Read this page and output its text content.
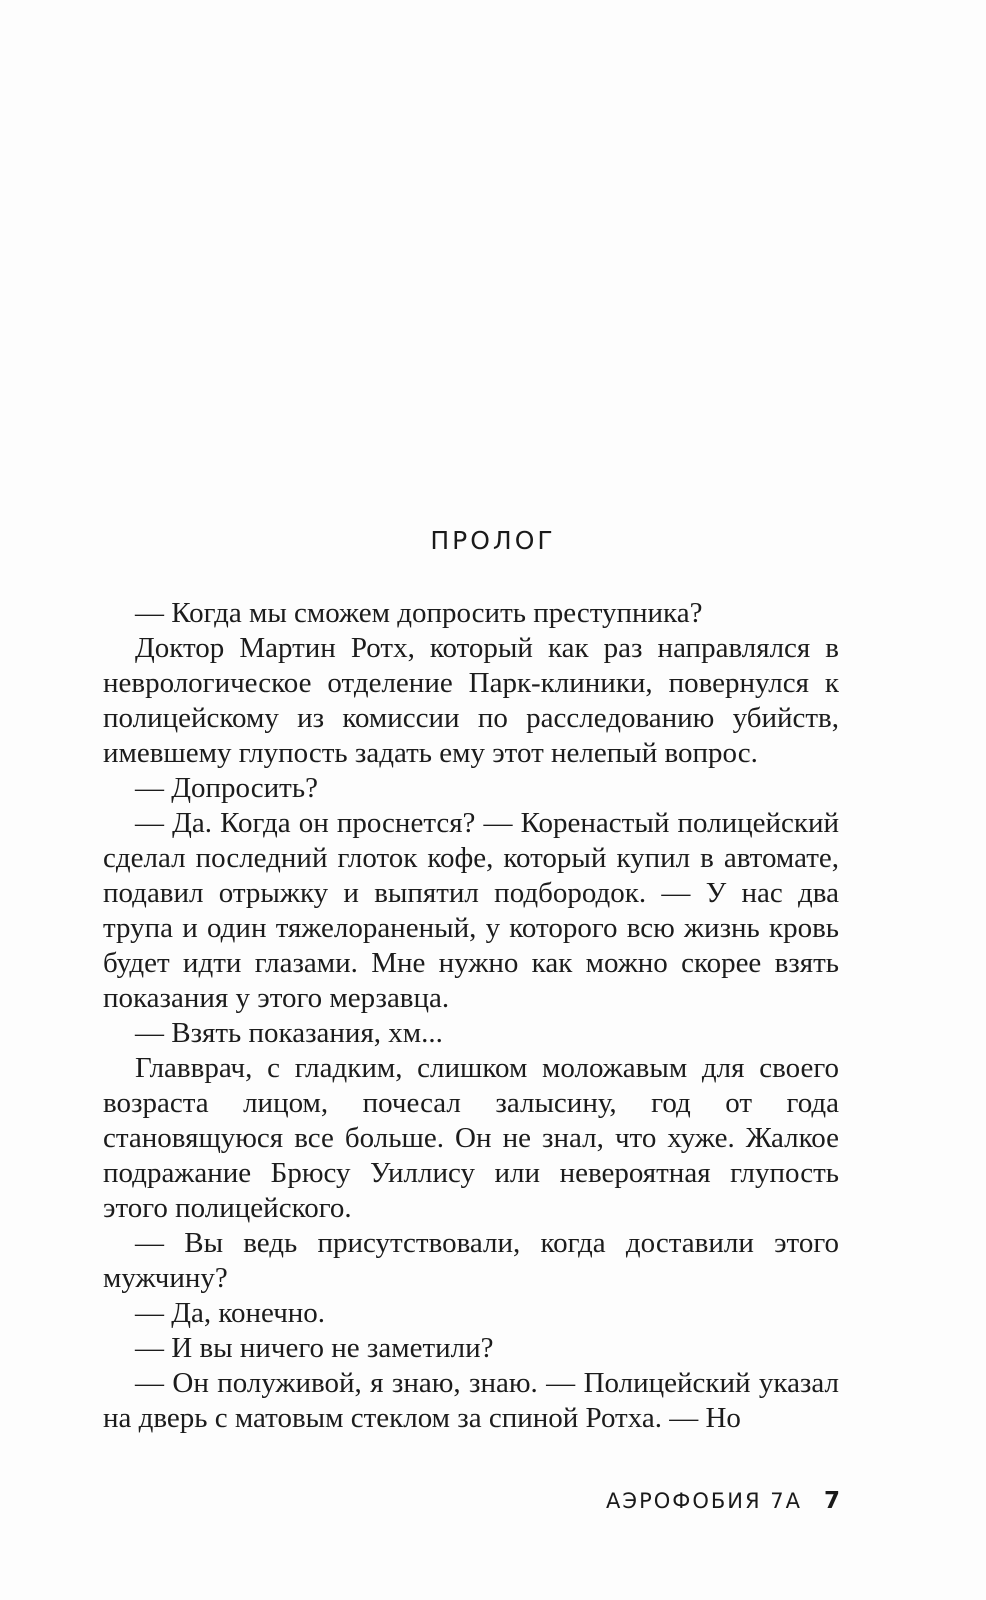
ПРОЛОГ

— Когда мы сможем допросить преступника?

Доктор Мартин Ротх, который как раз направлялся в неврологическое отделение Парк-клиники, повернулся к полицейскому из комиссии по расследованию убийств, имевшему глупость задать ему этот нелепый вопрос.

— Допросить?

— Да. Когда он проснется? — Коренастый полицейский сделал последний глоток кофе, который купил в автомате, подавил отрыжку и выпятил подбородок. — У нас два трупа и один тяжелораненый, у которого всю жизнь кровь будет идти глазами. Мне нужно как можно скорее взять показания у этого мерзавца.

— Взять показания, хм...

Главврач, с гладким, слишком моложавым для своего возраста лицом, почесал залысину, год от года становящуюся все больше. Он не знал, что хуже. Жалкое подражание Брюсу Уиллису или невероятная глупость этого полицейского.

— Вы ведь присутствовали, когда доставили этого мужчину?

— Да, конечно.

— И вы ничего не заметили?

— Он полуживой, я знаю, знаю. — Полицейский указал на дверь с матовым стеклом за спиной Ротха. — Но

АЭРОФОБИЯ 7А 7
